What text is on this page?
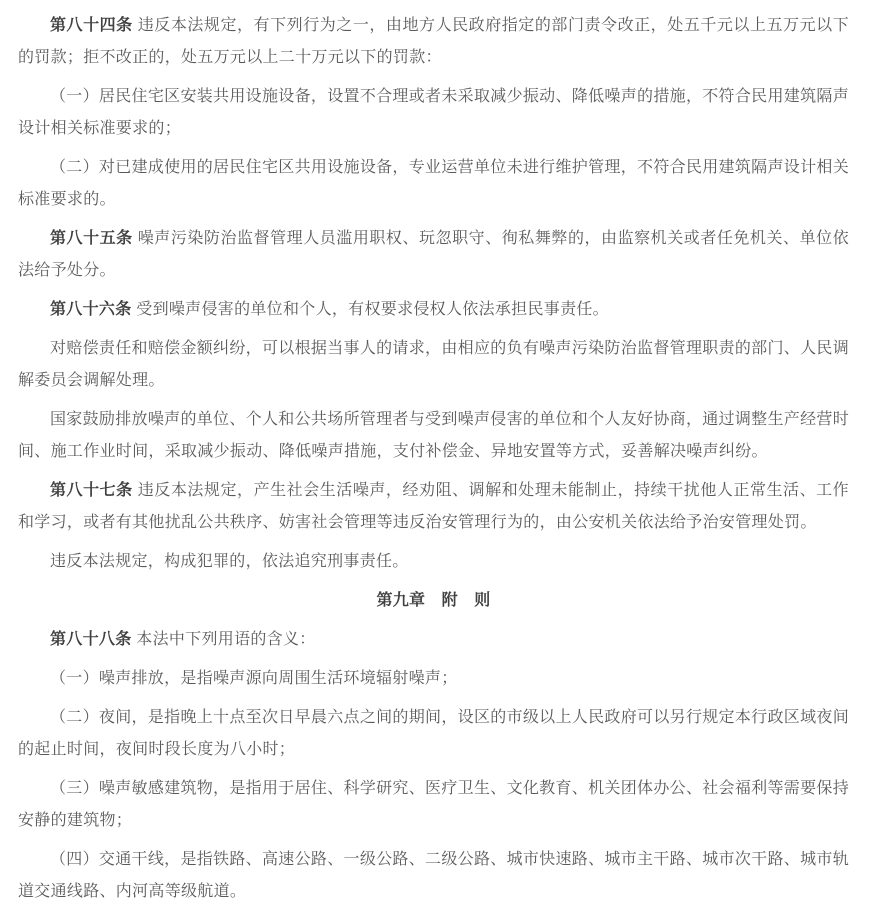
第八十四条 违反本法规定，有下列行为之一，由地方人民政府指定的部门责令改正，处五千元以上五万元以下的罚款；拒不改正的，处五万元以上二十万元以下的罚款：

（一）居民住宅区安装共用设施设备，设置不合理或者未采取减少振动、降低噪声的措施，不符合民用建筑隔声设计相关标准要求的；

（二）对已建成使用的居民住宅区共用设施设备，专业运营单位未进行维护管理，不符合民用建筑隔声设计相关标准要求的。

第八十五条 噪声污染防治监督管理人员滥用职权、玩忽职守、徇私舞弊的，由监察机关或者任免机关、单位依法给予处分。

第八十六条 受到噪声侵害的单位和个人，有权要求侵权人依法承担民事责任。

对赔偿责任和赔偿金额纠纷，可以根据当事人的请求，由相应的负有噪声污染防治监督管理职责的部门、人民调解委员会调解处理。

国家鼓励排放噪声的单位、个人和公共场所管理者与受到噪声侵害的单位和个人友好协商，通过调整生产经营时间、施工作业时间，采取减少振动、降低噪声措施，支付补偿金、异地安置等方式，妥善解决噪声纠纷。

第八十七条 违反本法规定，产生社会生活噪声，经劝阻、调解和处理未能制止，持续干扰他人正常生活、工作和学习，或者有其他扰乱公共秩序、妨害社会管理等违反治安管理行为的，由公安机关依法给予治安管理处罚。

违反本法规定，构成犯罪的，依法追究刑事责任。

第九章　附　则

第八十八条 本法中下列用语的含义：

（一）噪声排放，是指噪声源向周围生活环境辐射噪声；

（二）夜间，是指晚上十点至次日早晨六点之间的期间，设区的市级以上人民政府可以另行规定本行政区域夜间的起止时间，夜间时段长度为八小时；

（三）噪声敏感建筑物，是指用于居住、科学研究、医疗卫生、文化教育、机关团体办公、社会福利等需要保持安静的建筑物；

（四）交通干线，是指铁路、高速公路、一级公路、二级公路、城市快速路、城市主干路、城市次干路、城市轨道交通线路、内河高等级航道。
